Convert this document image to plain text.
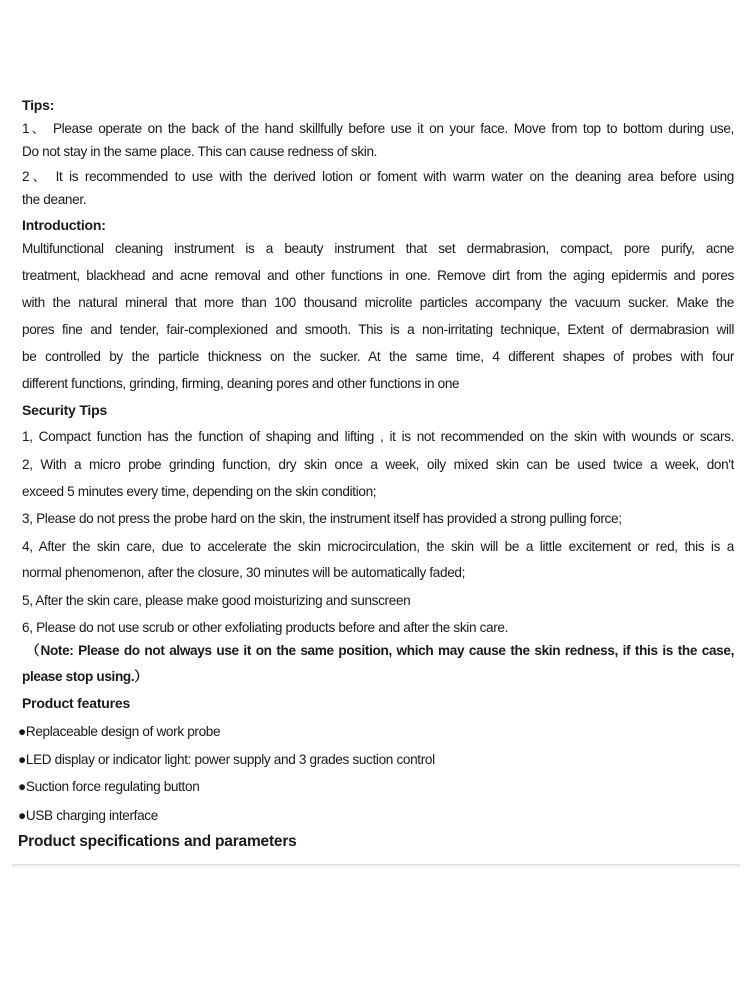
Tips:
1、 Please operate on the back of the hand skillfully before use it on your face. Move from top to bottom during use,
Do not stay in the same place. This can cause redness of skin.
2、 It is recommended to use with the derived lotion or foment with warm water on the deaning area before using
the deaner.
Introduction:
Multifunctional cleaning instrument is a beauty instrument that set dermabrasion, compact, pore purify, acne
treatment, blackhead and acne removal and other functions in one. Remove dirt from the aging epidermis and pores
with the natural mineral that more than 100 thousand microlite particles accompany the vacuum sucker. Make the
pores fine and tender, fair-complexioned and smooth. This is a non-irritating technique, Extent of dermabrasion will
be controlled by the particle thickness on the sucker. At the same time, 4 different shapes of probes with four
different functions, grinding, firming, deaning pores and other functions in one
Security Tips
1, Compact function has the function of shaping and lifting , it is not recommended on the skin with wounds or scars.
2, With a micro probe grinding function, dry skin once a week, oily mixed skin can be used twice a week, don't
exceed 5 minutes every time, depending on the skin condition;
3, Please do not press the probe hard on the skin, the instrument itself has provided a strong pulling force;
4, After the skin care, due to accelerate the skin microcirculation, the skin will be a little excitement or red, this is a
normal phenomenon, after the closure, 30 minutes will be automatically faded;
5, After the skin care, please make good moisturizing and sunscreen
6, Please do not use scrub or other exfoliating products before and after the skin care.
（Note: Please do not always use it on the same position, which may cause the skin redness, if this is the case,
please stop using.）
Product features
●Replaceable design of work probe
●LED display or indicator light: power supply and 3 grades suction control
●Suction force regulating button
●USB charging interface
Product specifications and parameters
